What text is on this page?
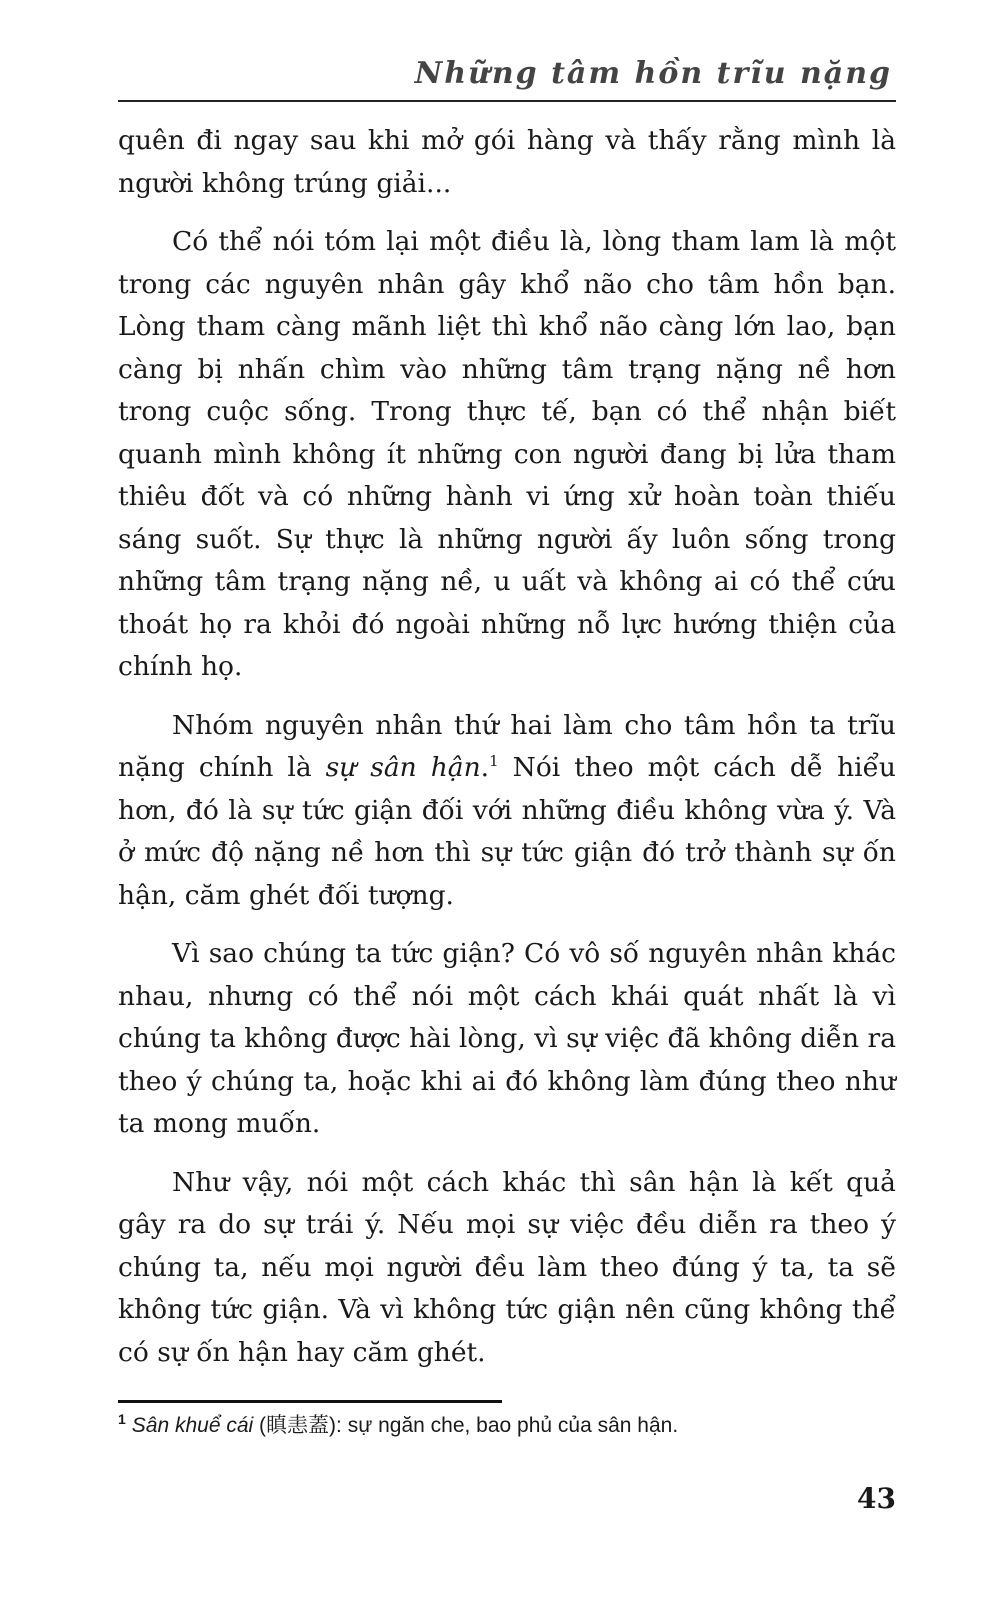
Những tâm hồn trĩu nặng

quên đi ngay sau khi mở gói hàng và thấy rằng mình là người không trúng giải...

Có thể nói tóm lại một điều là, lòng tham lam là một trong các nguyên nhân gây khổ não cho tâm hồn bạn. Lòng tham càng mãnh liệt thì khổ não càng lớn lao, bạn càng bị nhấn chìm vào những tâm trạng nặng nề hơn trong cuộc sống. Trong thực tế, bạn có thể nhận biết quanh mình không ít những con người đang bị lửa tham thiêu đốt và có những hành vi ứng xử hoàn toàn thiếu sáng suốt. Sự thực là những người ấy luôn sống trong những tâm trạng nặng nề, u uất và không ai có thể cứu thoát họ ra khỏi đó ngoài những nỗ lực hướng thiện của chính họ.

Nhóm nguyên nhân thứ hai làm cho tâm hồn ta trĩu nặng chính là sự sân hận.$^1$ Nói theo một cách dễ hiểu hơn, đó là sự tức giận đối với những điều không vừa ý. Và ở mức độ nặng nề hơn thì sự tức giận đó trở thành sự ốn hận, căm ghét đối tượng.

Vì sao chúng ta tức giận? Có vô số nguyên nhân khác nhau, nhưng có thể nói một cách khái quát nhất là vì chúng ta không được hài lòng, vì sự việc đã không diễn ra theo ý chúng ta, hoặc khi ai đó không làm đúng theo như ta mong muốn.

Như vậy, nói một cách khác thì sân hận là kết quả gây ra do sự trái ý. Nếu mọi sự việc đều diễn ra theo ý chúng ta, nếu mọi người đều làm theo đúng ý ta, ta sẽ không tức giận. Và vì không tức giận nên cũng không thể có sự ốn hận hay căm ghét.

$^1$ Sân khuể cái (瞋恚蓋): sự ngăn che, bao phủ của sân hận.
43
